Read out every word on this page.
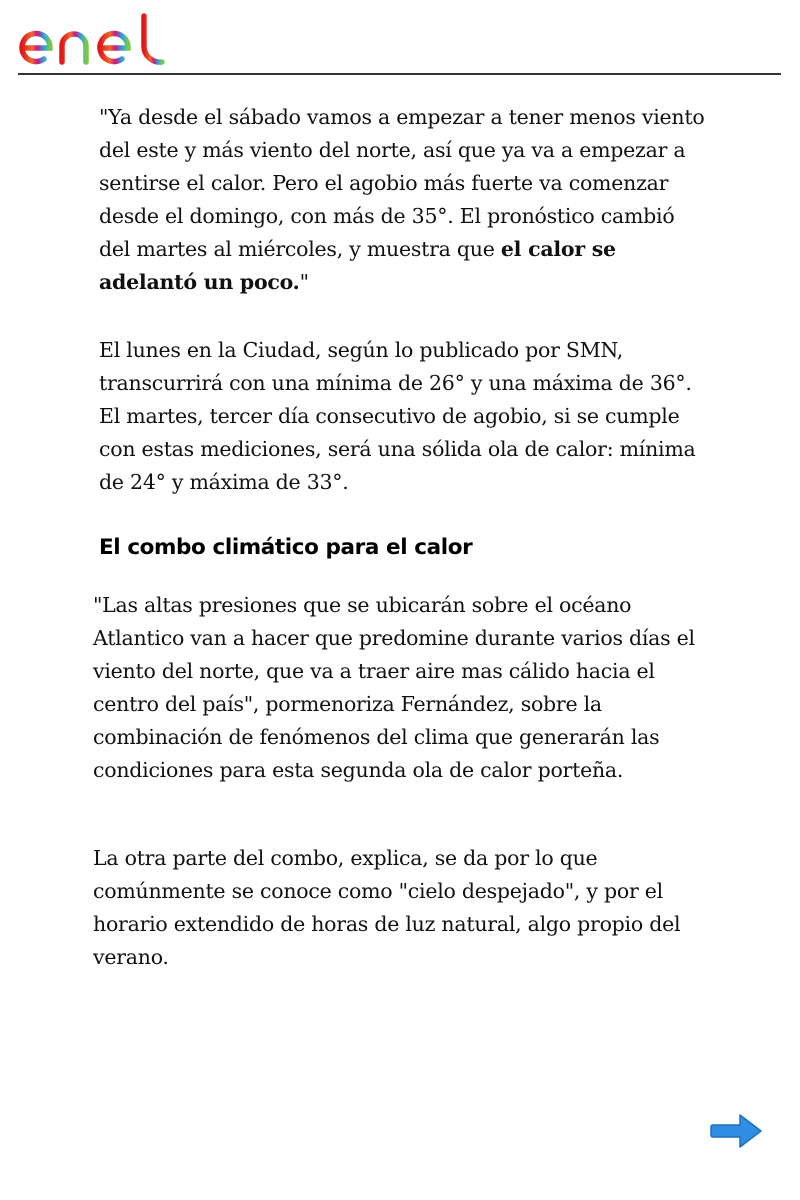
"Ya desde el sábado vamos a empezar a tener menos viento del este y más viento del norte, así que ya va a empezar a sentirse el calor. Pero el agobio más fuerte va comenzar desde el domingo, con más de 35°. El pronóstico cambió del martes al miércoles, y muestra que el calor se adelantó un poco."

El lunes en la Ciudad, según lo publicado por SMN, transcurrirá con una mínima de 26° y una máxima de 36°. El martes, tercer día consecutivo de agobio, si se cumple con estas mediciones, será una sólida ola de calor: mínima de 24° y máxima de 33°.

El combo climático para el calor

"Las altas presiones que se ubicarán sobre el océano Atlantico van a hacer que predomine durante varios días el viento del norte, que va a traer aire mas cálido hacia el centro del país", pormenoriza Fernández, sobre la combinación de fenómenos del clima que generarán las condiciones para esta segunda ola de calor porteña.

La otra parte del combo, explica, se da por lo que comúnmente se conoce como "cielo despejado", y por el horario extendido de horas de luz natural, algo propio del verano.
